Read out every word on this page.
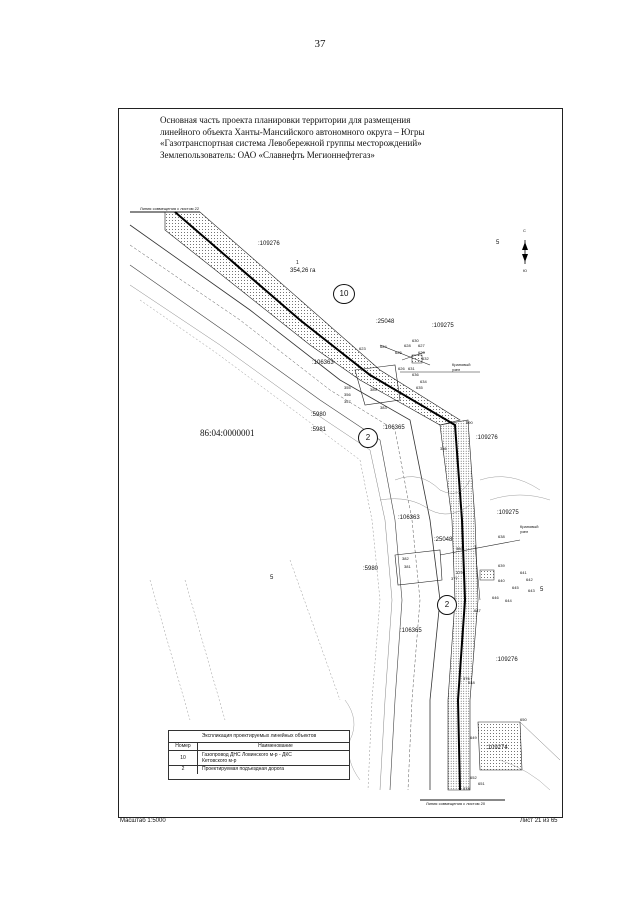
37
Основная часть проекта планировки территории для размещения
линейного объекта Ханты-Мансийского автономного округа – Югры
«Газотранспортная система Левобережной группы месторождений»
Землепользователь: ОАО «Славнефть Мегионнефтегаз»
Линия совмещения с листом 22
Линия совмещения с листом 20
:109276
1
354,26 га
5
:25048
:109275
:106363	Крановый узел
:5980
:5981	:106365
:109276
86:04:0000001
:109275
:106363
Крановый узел
:25048
:5980
5
5
:106365
:109276
:109274
627
628
630
629
632
634
635
624
623
625
626 631
636
355
356
357
385
383
690
386
382
381
380
379
377
376
378
638
639
640
641
642
643
644
645
646
647
648
650
649
652
651
10
2
2
С
Ю
Экспликация проектируемых линейных объектов
Номер	Наименование
10	Газопровод ДНС Ловинского м-р - ДКС
Кетовского м-р
2	Проектируемая подъездная дорога
Масштаб 1:5000	Лист 21 из 65
